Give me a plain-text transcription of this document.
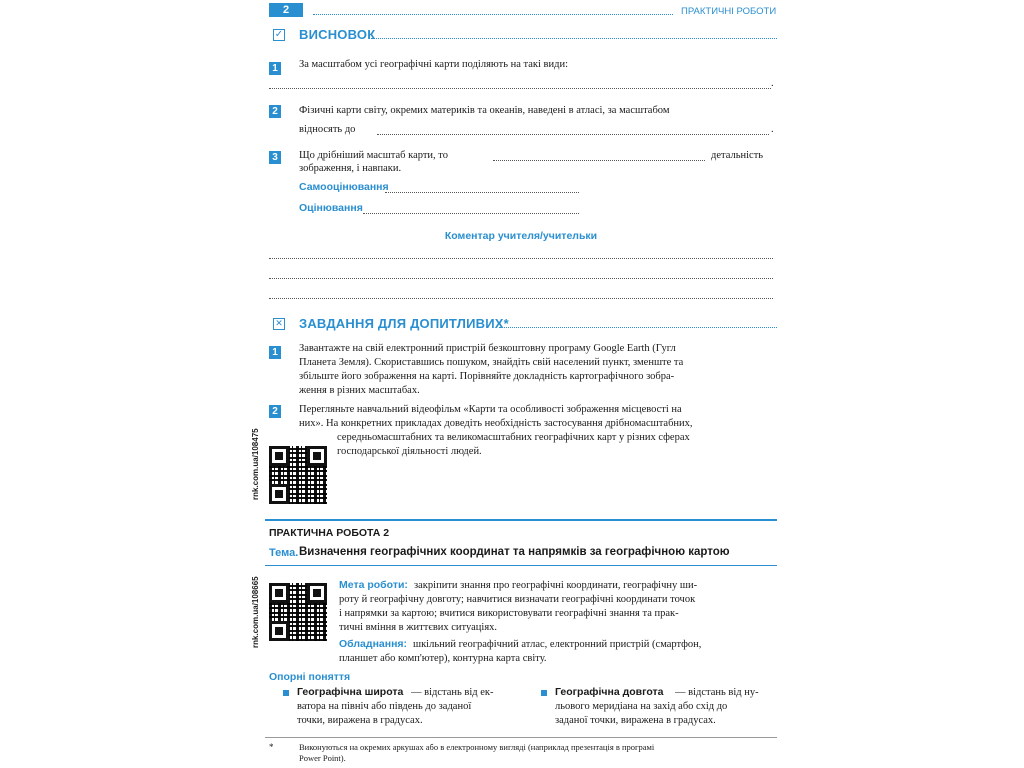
2	ПРАКТИЧНІ РОБОТИ
✓ ВИСНОВОК
1	За масштабом усі географічні карти поділяють на такі види:
.
2	Фізичні карти світу, окремих материків та океанів, наведені в атласі, за масштабом
відносять до	.
3	Що дрібніший масштаб карти, то	детальність
зображення, і навпаки.
Самооцінювання
Оцінювання
Коментар учителя/учительки
✕ ЗАВДАННЯ ДЛЯ ДОПИТЛИВИХ*
1	Завантажте на свій електронний пристрій безкоштовну програму Google Earth (Гугл
Планета Земля). Скориставшись пошуком, знайдіть свій населений пункт, зменште та
збільште його зображення на карті. Порівняйте докладність картографічного зобра-
ження в різних масштабах.
2	Перегляньте навчальний відеофільм «Карти та особливості зображення місцевості на
них». На конкретних прикладах доведіть необхідність застосування дрібномасштабних,
середньомасштабних та великомасштабних географічних карт у різних сферах
господарської діяльності людей.
rnk.com.ua/108475
ПРАКТИЧНА РОБОТА 2
Тема. Визначення географічних координат та напрямків за географічною картою
rnk.com.ua/108665	Мета роботи: закріпити знання про географічні координати, географічну ши-
роту й географічну довготу; навчитися визначати географічні координати точок
і напрямки за картою; вчитися використовувати географічні знання та прак-
тичні вміння в життєвих ситуаціях.
Обладнання: шкільний географічний атлас, електронний пристрій (смартфон,
планшет або комп'ютер), контурна карта світу.
Опорні поняття
Географічна широта — відстань від ек-
ватора на північ або південь до заданої
точки, виражена в градусах.
Географічна довгота — відстань від ну-
льового меридіана на захід або схід до
заданої точки, виражена в градусах.
*	Виконуються на окремих аркушах або в електронному вигляді (наприклад презентація в програмі
Power Point).
